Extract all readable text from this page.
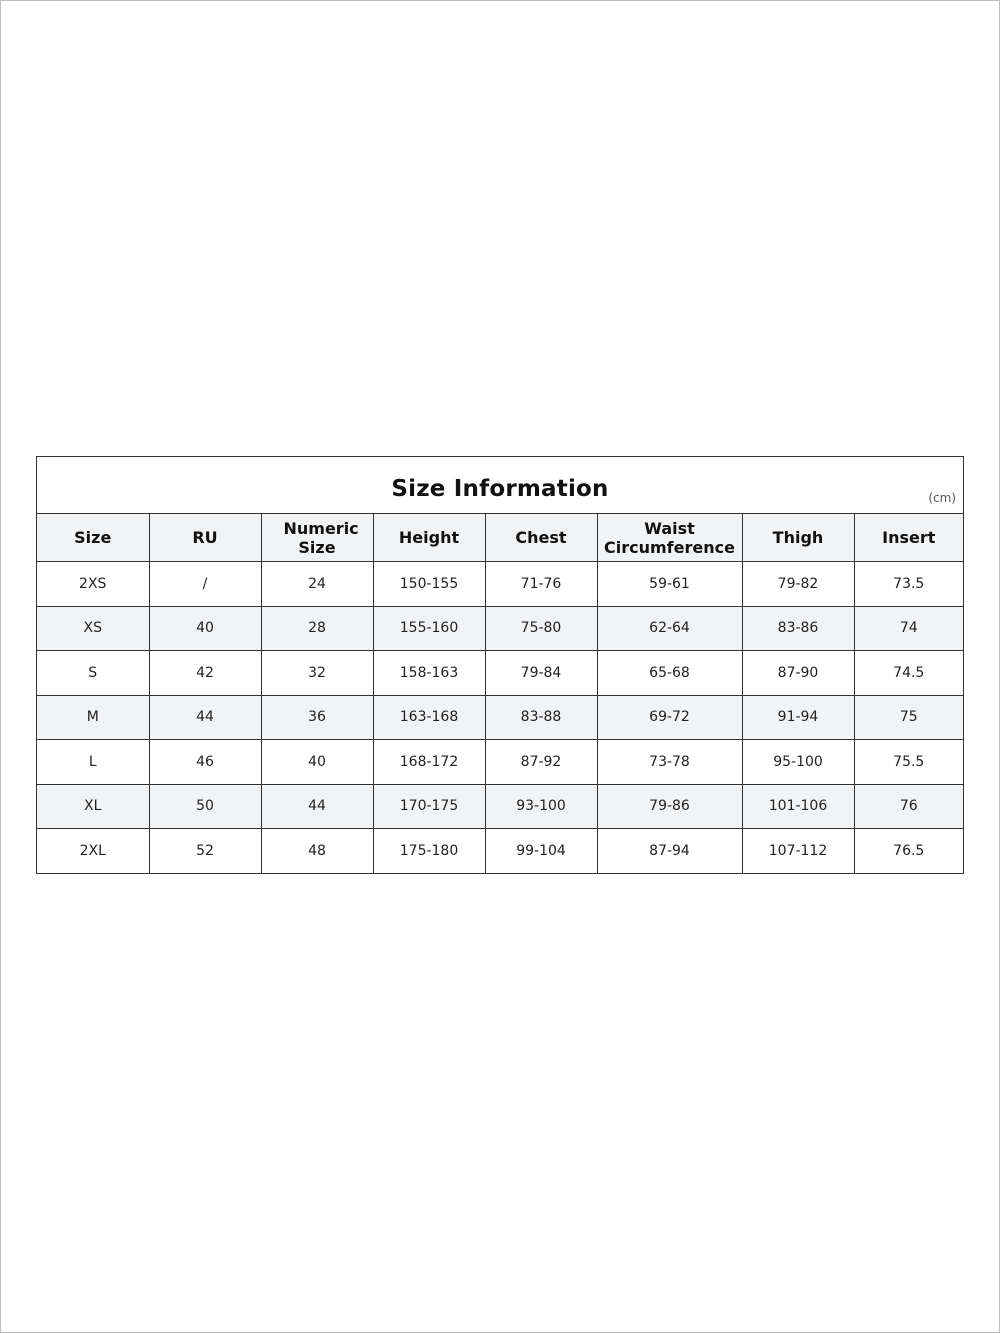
Size Information	(cm)
Size	RU	Numeric Size	Height	Chest	Waist Circumference	Thigh	Insert
2XS	/	24	150-155	71-76	59-61	79-82	73.5
XS	40	28	155-160	75-80	62-64	83-86	74
S	42	32	158-163	79-84	65-68	87-90	74.5
M	44	36	163-168	83-88	69-72	91-94	75
L	46	40	168-172	87-92	73-78	95-100	75.5
XL	50	44	170-175	93-100	79-86	101-106	76
2XL	52	48	175-180	99-104	87-94	107-112	76.5
